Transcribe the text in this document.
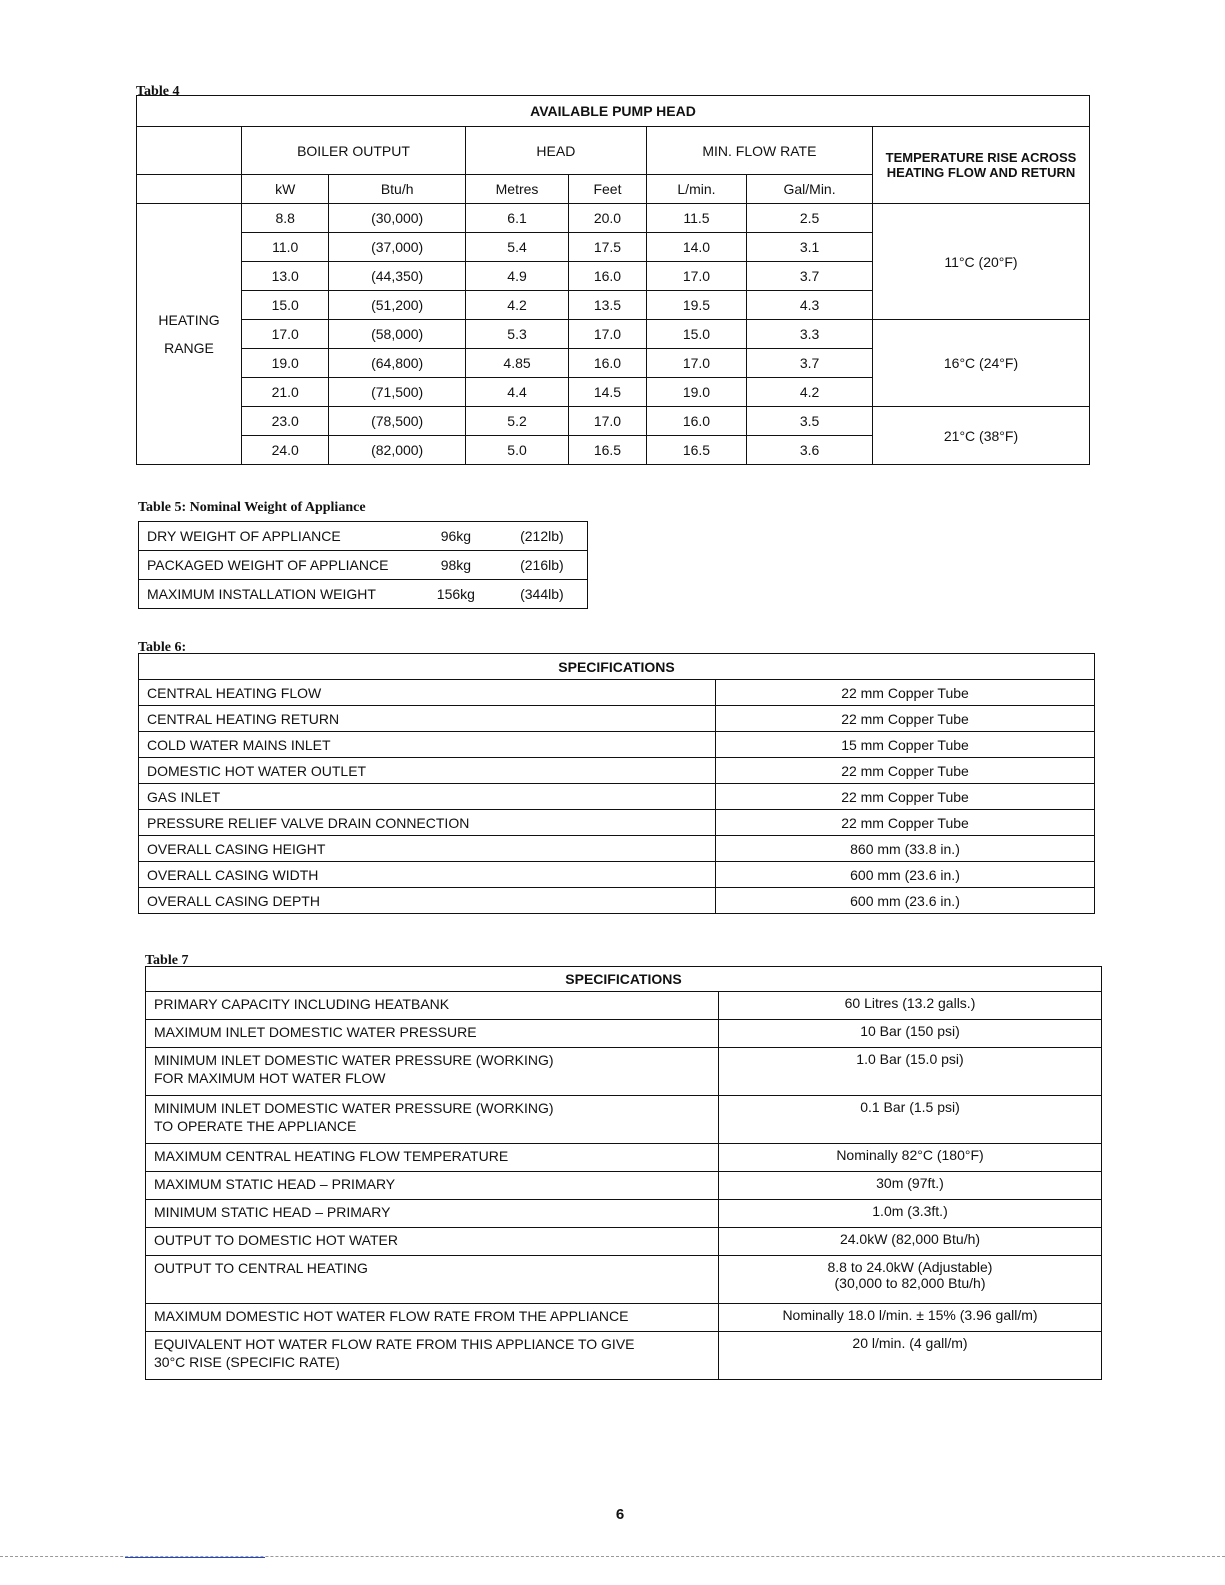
Table 4
AVAILABLE PUMP HEAD							
	BOILER OUTPUT		HEAD		MIN. FLOW RATE		TEMPERATURE RISE ACROSS HEATING FLOW AND RETURN
	kW	Btu/h	Metres	Feet	L/min.	Gal/Min.	

HEATING
RANGE	8.8	(30,000)	6.1	20.0	11.5	2.5	11°C (20°F)
	11.0	(37,000)	5.4	17.5	14.0	3.1	
	13.0	(44,350)	4.9	16.0	17.0	3.7	
	15.0	(51,200)	4.2	13.5	19.5	4.3	
	17.0	(58,000)	5.3	17.0	15.0	3.3	16°C (24°F)
	19.0	(64,800)	4.85	16.0	17.0	3.7	
	21.0	(71,500)	4.4	14.5	19.0	4.2	
	23.0	(78,500)	5.2	17.0	16.0	3.5	21°C (38°F)
	24.0	(82,000)	5.0	16.5	16.5	3.6	
Table 5: Nominal Weight of Appliance
DRY WEIGHT OF APPLIANCE	96kg	(212lb)
PACKAGED WEIGHT OF APPLIANCE	98kg	(216lb)
MAXIMUM INSTALLATION WEIGHT	156kg	(344lb)
Table 6:
SPECIFICATIONS	
CENTRAL HEATING FLOW	22 mm Copper Tube
CENTRAL HEATING RETURN	22 mm Copper Tube
COLD WATER MAINS INLET	15 mm Copper Tube
DOMESTIC HOT WATER OUTLET	22 mm Copper Tube
GAS INLET	22 mm Copper Tube
PRESSURE RELIEF VALVE DRAIN CONNECTION	22 mm Copper Tube
OVERALL CASING HEIGHT	860 mm (33.8 in.)
OVERALL CASING WIDTH	600 mm (23.6 in.)
OVERALL CASING DEPTH	600 mm (23.6 in.)
Table 7
SPECIFICATIONS	

PRIMARY CAPACITY INCLUDING HEATBANK	60 Litres (13.2 galls.)

MAXIMUM INLET DOMESTIC WATER PRESSURE	10 Bar (150 psi)

MINIMUM INLET DOMESTIC WATER PRESSURE (WORKING)
FOR MAXIMUM HOT WATER FLOW	1.0 Bar (15.0 psi)

MINIMUM INLET DOMESTIC WATER PRESSURE (WORKING)
TO OPERATE THE APPLIANCE	0.1 Bar (1.5 psi)

MAXIMUM CENTRAL HEATING FLOW TEMPERATURE	Nominally 82°C (180°F)

MAXIMUM STATIC HEAD – PRIMARY	30m (97ft.)

MINIMUM STATIC HEAD – PRIMARY	1.0m (3.3ft.)

OUTPUT TO DOMESTIC HOT WATER	24.0kW (82,000 Btu/h)

OUTPUT TO CENTRAL HEATING	8.8 to 24.0kW (Adjustable)
(30,000 to 82,000 Btu/h)

MAXIMUM DOMESTIC HOT WATER FLOW RATE FROM THE APPLIANCE	Nominally 18.0 l/min. ± 15% (3.96 gall/m)

EQUIVALENT HOT WATER FLOW RATE FROM THIS APPLIANCE TO GIVE
30°C RISE (SPECIFIC RATE)	20 l/min. (4 gall/m)
6
